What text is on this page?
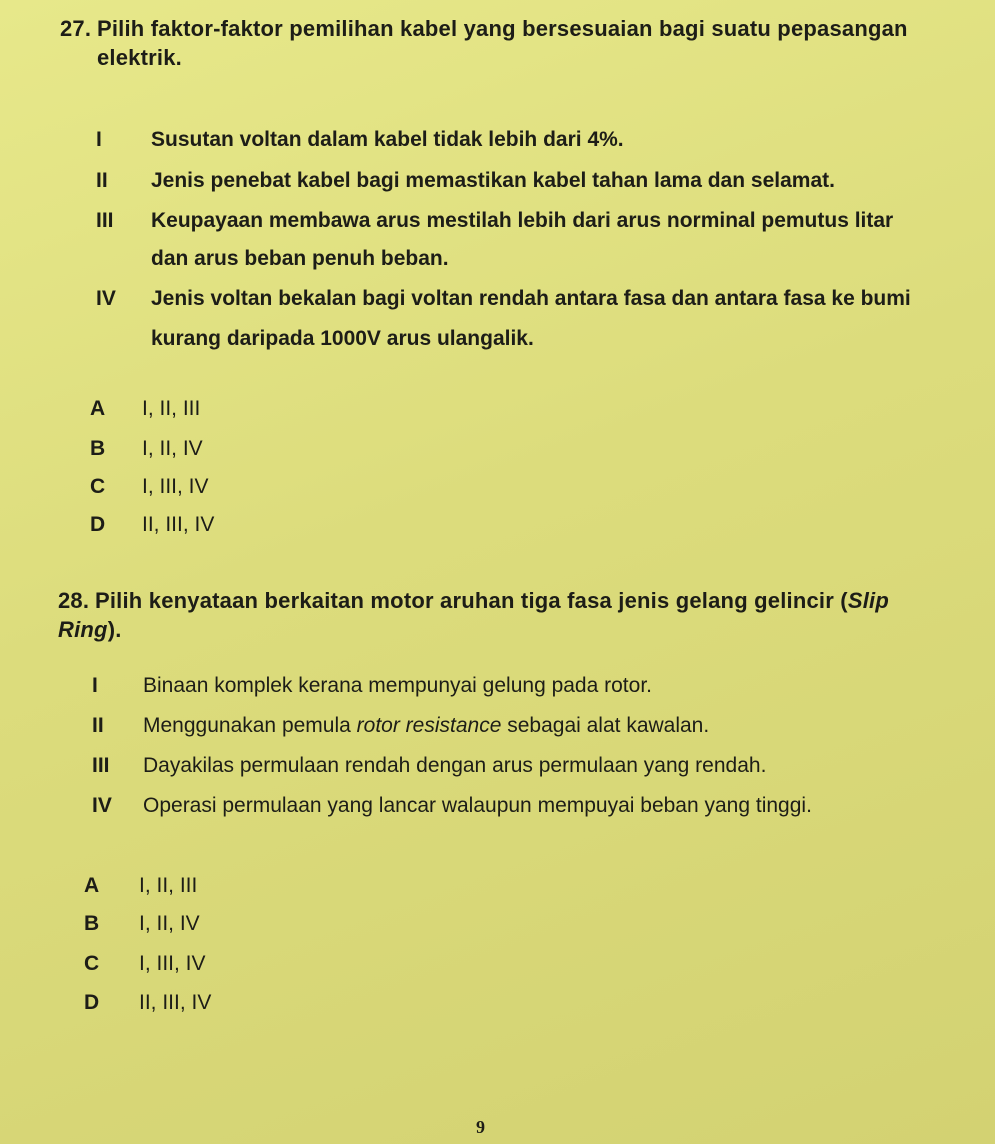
27. Pilih faktor-faktor pemilihan kabel yang bersesuaian bagi suatu pepasangan
elektrik.
I Susutan voltan dalam kabel tidak lebih dari 4%.
II Jenis penebat kabel bagi memastikan kabel tahan lama dan selamat.
III Keupayaan membawa arus mestilah lebih dari arus norminal pemutus litar
dan arus beban penuh beban.
IV Jenis voltan bekalan bagi voltan rendah antara fasa dan antara fasa ke bumi
kurang daripada 1000V arus ulangalik.
A I, II, III
B I, II, IV
C I, III, IV
D II, III, IV
28. Pilih kenyataan berkaitan motor aruhan tiga fasa jenis gelang gelincir (Slip Ring).
I Binaan komplek kerana mempunyai gelung pada rotor.
II Menggunakan pemula rotor resistance sebagai alat kawalan.
III Dayakilas permulaan rendah dengan arus permulaan yang rendah.
IV Operasi permulaan yang lancar walaupun mempuyai beban yang tinggi.
A I, II, III
B I, II, IV
C I, III, IV
D II, III, IV
9
